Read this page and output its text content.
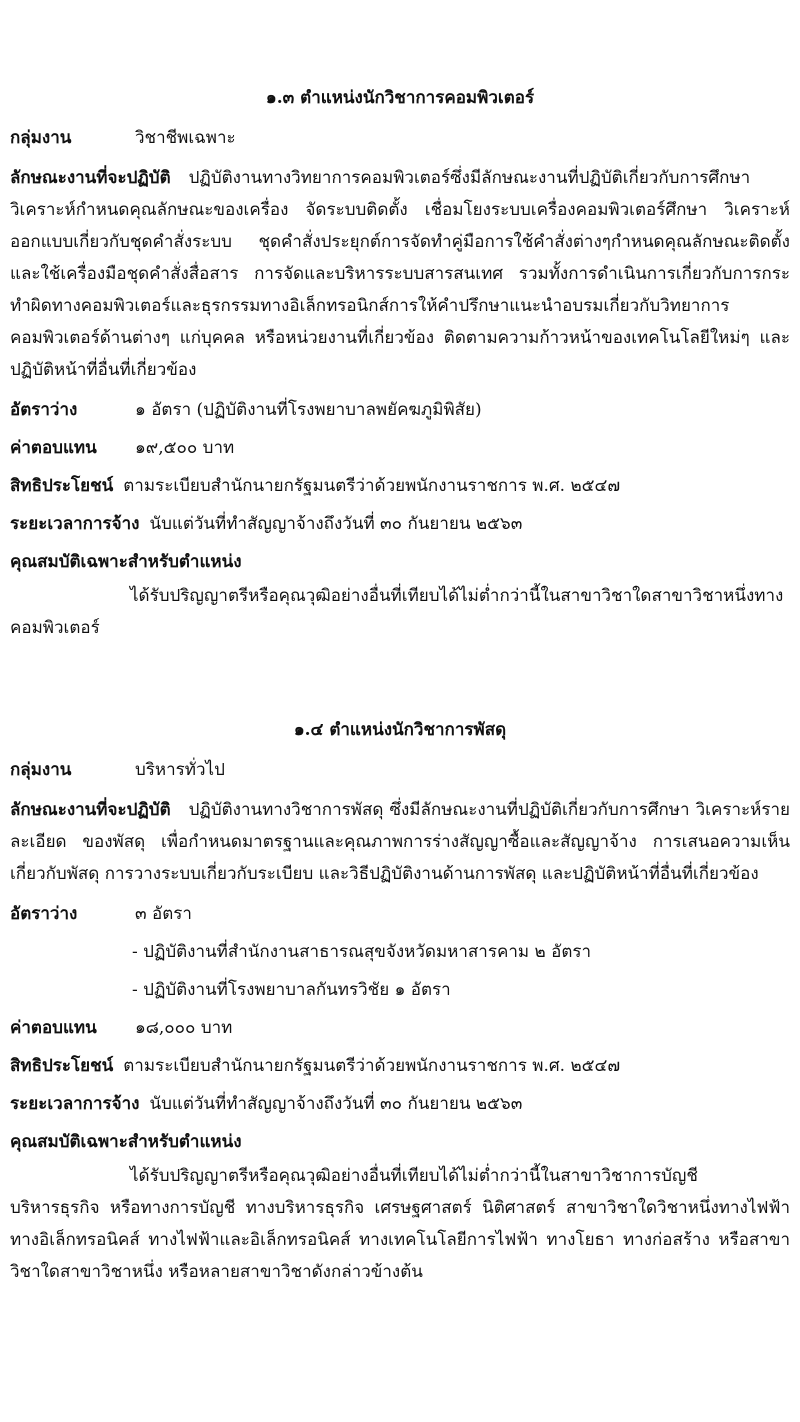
๑.๓ ตำแหน่งนักวิชาการคอมพิวเตอร์
กลุ่มงาน	วิชาชีพเฉพาะ
ลักษณะงานที่จะปฏิบัติ ปฏิบัติงานทางวิทยาการคอมพิวเตอร์ซึ่งมีลักษณะงานที่ปฏิบัติเกี่ยวกับการศึกษา วิเคราะห์กำหนดคุณลักษณะของเครื่อง จัดระบบติดตั้ง เชื่อมโยงระบบเครื่องคอมพิวเตอร์ศึกษา วิเคราะห์ ออกแบบเกี่ยวกับชุดคำสั่งระบบ ชุดคำสั่งประยุกต์การจัดทำคู่มือการใช้คำสั่งต่างๆกำหนดคุณลักษณะติดตั้ง และใช้เครื่องมือชุดคำสั่งสื่อสาร การจัดและบริหารระบบสารสนเทศ รวมทั้งการดำเนินการเกี่ยวกับการกระทำผิดทางคอมพิวเตอร์และธุรกรรมทางอิเล็กทรอนิกส์การให้คำปรึกษาแนะนำอบรมเกี่ยวกับวิทยาการคอมพิวเตอร์ด้านต่างๆ แก่บุคคล หรือหน่วยงานที่เกี่ยวข้อง ติดตามความก้าวหน้าของเทคโนโลยีใหม่ๆ และปฏิบัติหน้าที่อื่นที่เกี่ยวข้อง
อัตราว่าง	๑ อัตรา (ปฏิบัติงานที่โรงพยาบาลพยัคฆภูมิพิสัย)
ค่าตอบแทน	๑๙,๕๐๐ บาท
สิทธิประโยชน์ ตามระเบียบสำนักนายกรัฐมนตรีว่าด้วยพนักงานราชการ พ.ศ. ๒๕๔๗
ระยะเวลาการจ้าง นับแต่วันที่ทำสัญญาจ้างถึงวันที่ ๓๐ กันยายน ๒๕๖๓
คุณสมบัติเฉพาะสำหรับตำแหน่ง

ได้รับปริญญาตรีหรือคุณวุฒิอย่างอื่นที่เทียบได้ไม่ต่ำกว่านี้ในสาขาวิชาใดสาขาวิชาหนึ่งทางคอมพิวเตอร์

๑.๔ ตำแหน่งนักวิชาการพัสดุ
กลุ่มงาน	บริหารทั่วไป
ลักษณะงานที่จะปฏิบัติ ปฏิบัติงานทางวิชาการพัสดุ ซึ่งมีลักษณะงานที่ปฏิบัติเกี่ยวกับการศึกษา วิเคราะห์รายละเอียด ของพัสดุ เพื่อกำหนดมาตรฐานและคุณภาพการร่างสัญญาซื้อและสัญญาจ้าง การเสนอความเห็นเกี่ยวกับพัสดุ การวางระบบเกี่ยวกับระเบียบ และวิธีปฏิบัติงานด้านการพัสดุ และปฏิบัติหน้าที่อื่นที่เกี่ยวข้อง
อัตราว่าง	๓ อัตรา
- ปฏิบัติงานที่สำนักงานสาธารณสุขจังหวัดมหาสารคาม ๒ อัตรา
- ปฏิบัติงานที่โรงพยาบาลกันทรวิชัย ๑ อัตรา
ค่าตอบแทน	๑๘,๐๐๐ บาท
สิทธิประโยชน์ ตามระเบียบสำนักนายกรัฐมนตรีว่าด้วยพนักงานราชการ พ.ศ. ๒๕๔๗
ระยะเวลาการจ้าง นับแต่วันที่ทำสัญญาจ้างถึงวันที่ ๓๐ กันยายน ๒๕๖๓
คุณสมบัติเฉพาะสำหรับตำแหน่ง

ได้รับปริญญาตรีหรือคุณวุฒิอย่างอื่นที่เทียบได้ไม่ต่ำกว่านี้ในสาขาวิชาการบัญชี บริหารธุรกิจ หรือทางการบัญชี ทางบริหารธุรกิจ เศรษฐศาสตร์ นิติศาสตร์ สาขาวิชาใดวิชาหนึ่งทางไฟฟ้า ทางอิเล็กทรอนิคส์ ทางไฟฟ้าและอิเล็กทรอนิคส์ ทางเทคโนโลยีการไฟฟ้า ทางโยธา ทางก่อสร้าง หรือสาขาวิชาใดสาขาวิชาหนึ่ง หรือหลายสาขาวิชาดังกล่าวข้างต้น
